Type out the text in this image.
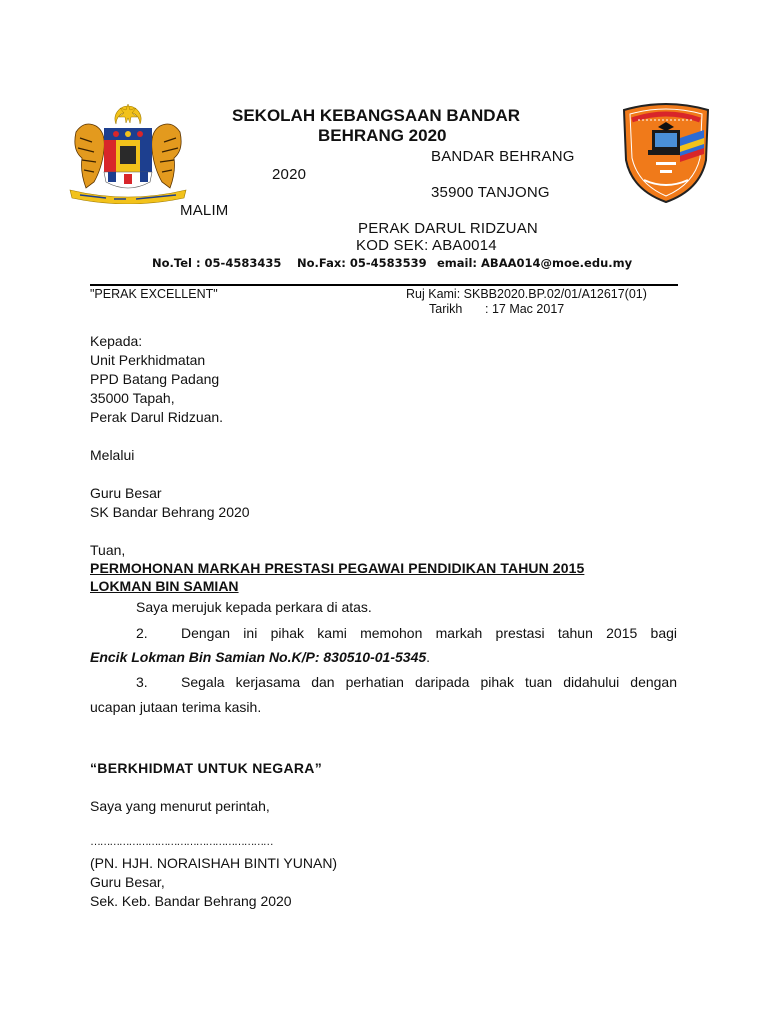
SEKOLAH KEBANGSAAN BANDAR
BEHRANG 2020
BANDAR BEHRANG
2020
35900 TANJONG
MALIM
PERAK DARUL RIDZUAN
KOD SEK: ABA0014
No.Tel : 05-4583435 No.Fax: 05-4583539 email: ABAA014@moe.edu.my
"PERAK EXCELLENT"	Ruj Kami: SKBB2020.BP.02/01/A12617(01)
Tarikh : 17 Mac 2017
Kepada:
Unit Perkhidmatan
PPD Batang Padang
35000 Tapah,
Perak Darul Ridzuan.
Melalui
Guru Besar
SK Bandar Behrang 2020
Tuan,
PERMOHONAN MARKAH PRESTASI PEGAWAI PENDIDIKAN TAHUN 2015
LOKMAN BIN SAMIAN
Saya merujuk kepada perkara di atas.
2. Dengan ini pihak kami memohon markah prestasi tahun 2015 bagi
Encik Lokman Bin Samian No.K/P: 830510-01-5345.
3. Segala kerjasama dan perhatian daripada pihak tuan didahului dengan
ucapan jutaan terima kasih.
“BERKHIDMAT UNTUK NEGARA”
Saya yang menurut perintah,
…………………………………………………
(PN. HJH. NORAISHAH BINTI YUNAN)
Guru Besar,
Sek. Keb. Bandar Behrang 2020
